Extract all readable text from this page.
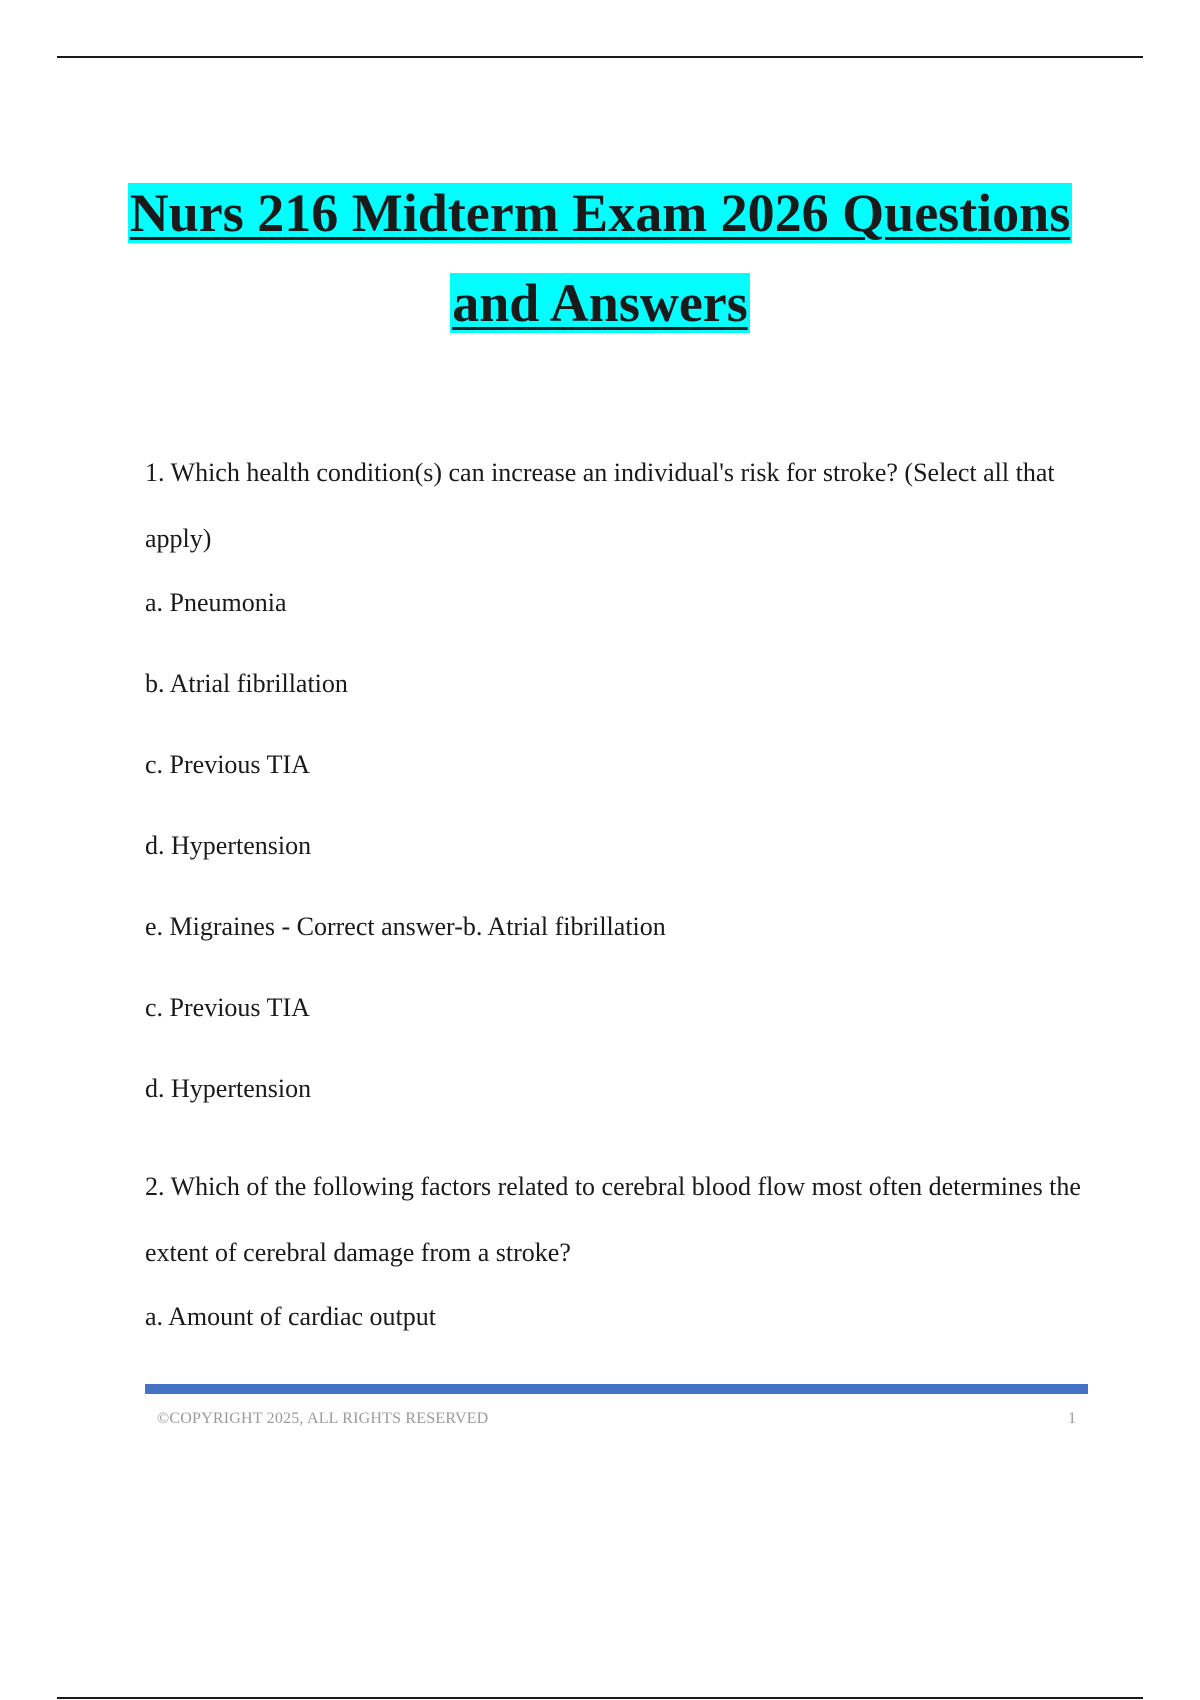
Nurs 216 Midterm Exam 2026 Questions
and Answers

1. Which health condition(s) can increase an individual's risk for stroke? (Select all that apply)

a. Pneumonia

b. Atrial fibrillation

c. Previous TIA

d. Hypertension

e. Migraines - Correct answer-b. Atrial fibrillation

c. Previous TIA

d. Hypertension

2. Which of the following factors related to cerebral blood flow most often determines the extent of cerebral damage from a stroke?

a. Amount of cardiac output

©COPYRIGHT 2025, ALL RIGHTS RESERVED	1
